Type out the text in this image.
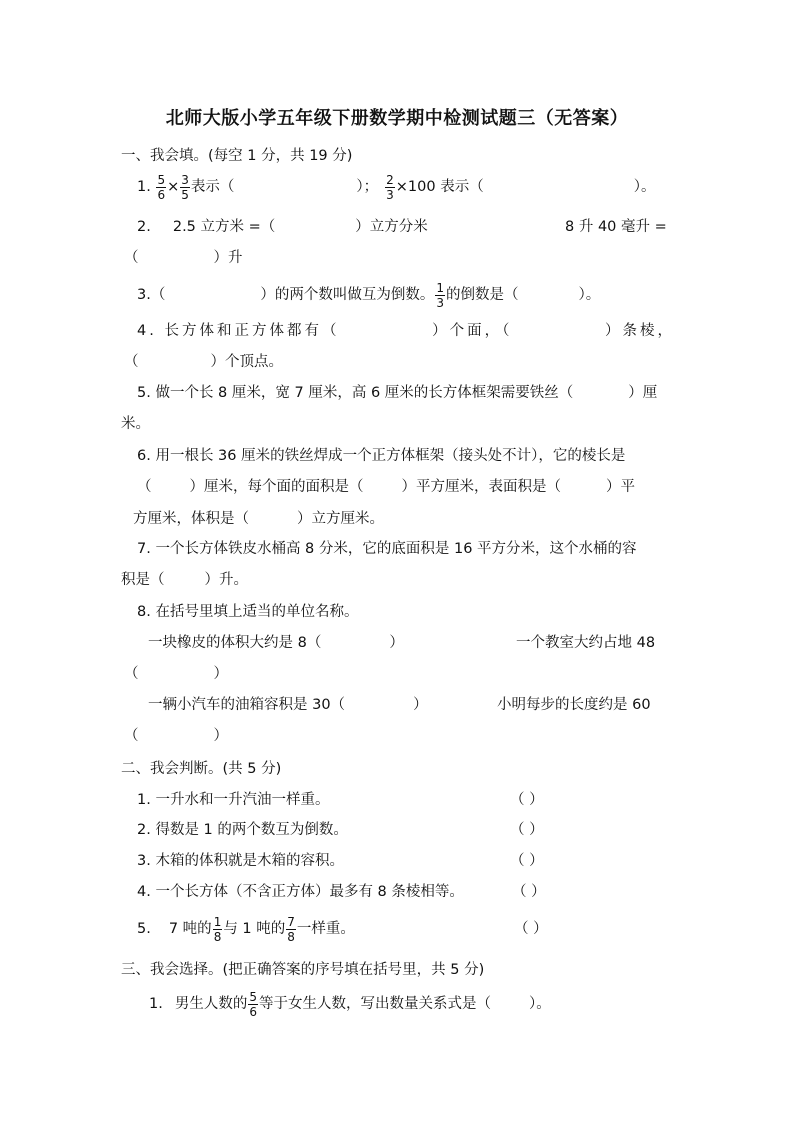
北师大版小学五年级下册数学期中检测试题三（无答案）
一、我会填。(每空 1 分，共 19 分)
1. $\frac{5}{6} \times \frac{3}{5}$ 表示（	）； $\frac{2}{3} \times 100$ 表示（	）。
2. 2.5 立方米 =（	）立方分米	8 升 40 毫升 =
（	）升
3.（	）的两个数叫做互为倒数。 $\frac{1}{3}$ 的倒数是（	）。
4. 长方体和正方体都有（	）个面，（	）条棱，
（	）个顶点。
5. 做一个长 8 厘米，宽 7 厘米，高 6 厘米的长方体框架需要铁丝（	）厘
米。
6. 用一根长 36 厘米的铁丝焊成一个正方体框架（接头处不计），它的棱长是
（	）厘米，每个面的面积是（	）平方厘米，表面积是（	）平
方厘米，体积是（	）立方厘米。
7. 一个长方体铁皮水桶高 8 分米，它的底面积是 16 平方分米，这个水桶的容
积是（	）升。
8. 在括号里填上适当的单位名称。
一块橡皮的体积大约是 8（	）	一个教室大约占地 48
（	）
一辆小汽车的油箱容积是 30（	）	小明每步的长度约是 60
（	）
二、我会判断。(共 5 分)
1. 一升水和一升汽油一样重。	（ ）
2. 得数是 1 的两个数互为倒数。	（ ）
3. 木箱的体积就是木箱的容积。	（ ）
4. 一个长方体（不含正方体）最多有 8 条棱相等。	（ ）
5. 7 吨的 $\frac{1}{8}$ 与 1 吨的 $\frac{7}{8}$ 一样重。	（ ）
三、我会选择。(把正确答案的序号填在括号里，共 5 分)
1. 男生人数的 $\frac{5}{6}$ 等于女生人数，写出数量关系式是（	）。
